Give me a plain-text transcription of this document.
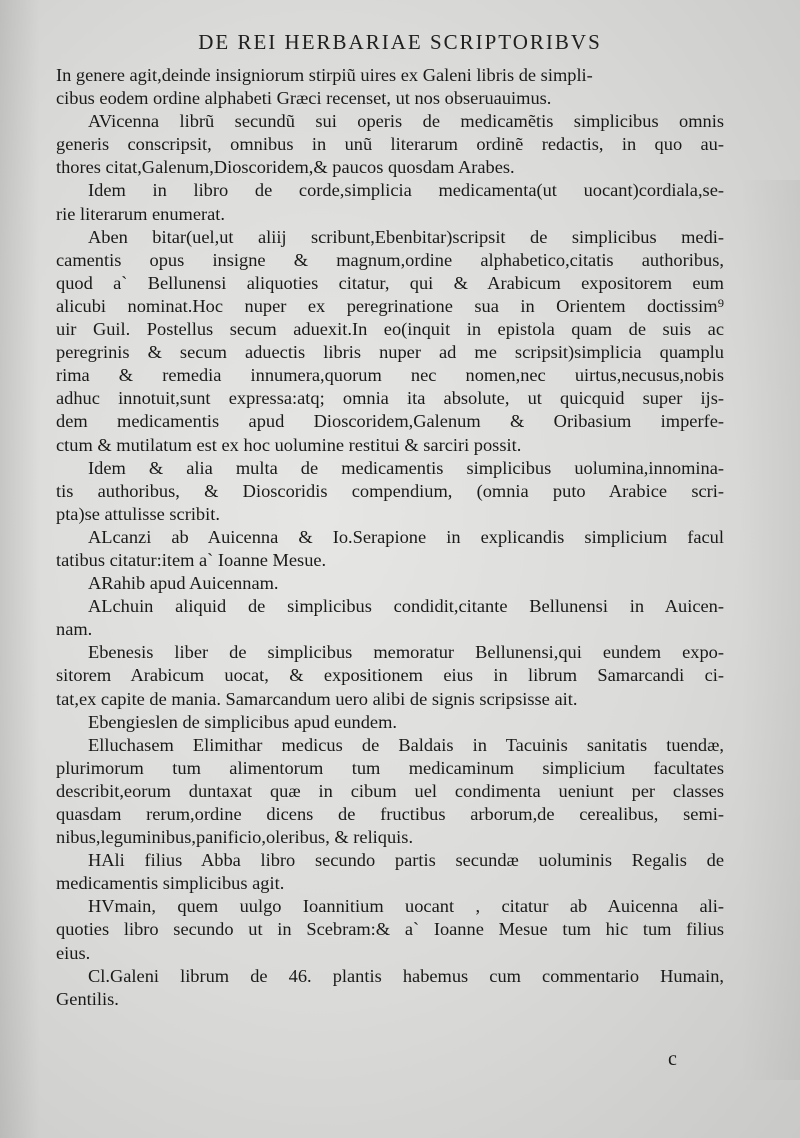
DE REI HERBARIAE SCRIPTORIBVS
In genere agit,deinde insigniorum stirpiũ uires ex Galeni libris de simpli-
cibus eodem ordine alphabeti Græci recenset, ut nos obseruauimus.
AVicenna librũ secundũ sui operis de medicamẽtis simplicibus omnis
generis conscripsit, omnibus in unũ literarum ordinẽ redactis, in quo au-
thores citat,Galenum,Dioscoridem,& paucos quosdam Arabes.
Idem in libro de corde,simplicia medicamenta(ut uocant)cordiala,se-
rie literarum enumerat.
Aben bitar(uel,ut aliĳ scribunt,Ebenbitar)scripsit de simplicibus medi-
camentis opus insigne & magnum,ordine alphabetico,citatis authoribus,
quod a` Bellunensi aliquoties citatur, qui & Arabicum expositorem eum
alicubi nominat.Hoc nuper ex peregrinatione sua in Orientem doctissim⁹
uir Guil. Postellus secum aduexit.In eo(inquit in epistola quam de suis ac
peregrinis & secum aduectis libris nuper ad me scripsit)simplicia quamplu
rima & remedia innumera,quorum nec nomen,nec uirtus,necusus,nobis
adhuc innotuit,sunt expressa:atq; omnia ita absolute, ut quicquid super ĳs-
dem medicamentis apud Dioscoridem,Galenum & Oribasium imperfe-
ctum & mutilatum est ex hoc uolumine restitui & sarciri possit.
Idem & alia multa de medicamentis simplicibus uolumina,innomina-
tis authoribus, & Dioscoridis compendium, (omnia puto Arabice scri-
pta)se attulisse scribit.
ALcanzi ab Auicenna & Io.Serapione in explicandis simplicium facul
tatibus citatur:item a` Ioanne Mesue.
ARahib apud Auicennam.
ALchuin aliquid de simplicibus condidit,citante Bellunensi in Auicen-
nam.
Ebenesis liber de simplicibus memoratur Bellunensi,qui eundem expo-
sitorem Arabicum uocat, & expositionem eius in librum Samarcandi ci-
tat,ex capite de mania. Samarcandum uero alibi de signis scripsisse ait.
Ebengieslen de simplicibus apud eundem.
Elluchasem Elimithar medicus de Baldais in Tacuinis sanitatis tuendæ,
plurimorum tum alimentorum tum medicaminum simplicium facultates
describit,eorum duntaxat quæ in cibum uel condimenta ueniunt per classes
quasdam rerum,ordine dicens de fructibus arborum,de cerealibus, semi-
nibus,leguminibus,panificio,oleribus, & reliquis.
HAli filius Abba libro secundo partis secundæ uoluminis Regalis de
medicamentis simplicibus agit.
HVmain, quem uulgo Ioannitium uocant , citatur ab Auicenna ali-
quoties libro secundo ut in Scebram:& a` Ioanne Mesue tum hic tum filius
eius.
Cl.Galeni librum de 46. plantis habemus cum commentario Humain,
Gentilis.
c
